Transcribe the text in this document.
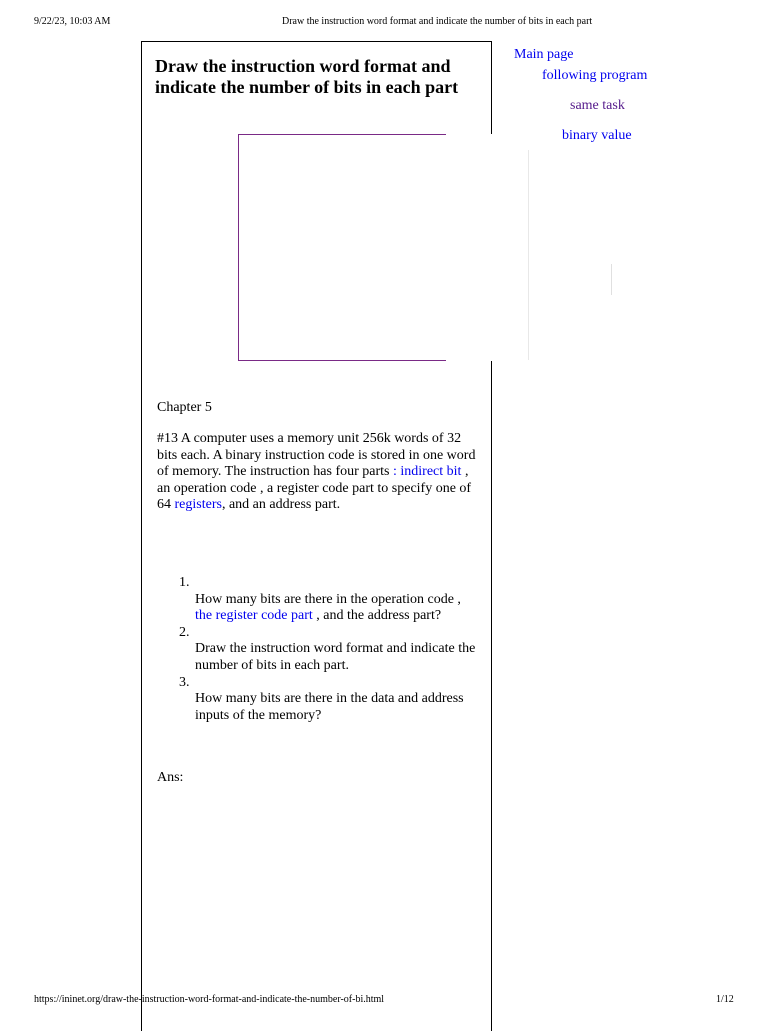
9/22/23, 10:03 AM	Draw the instruction word format and indicate the number of bits in each part
Draw the instruction word format and indicate the number of bits in each part
Chapter 5
#13 A computer uses a memory unit 256k words of 32 bits each. A binary instruction code is stored in one word of memory. The instruction has four parts : indirect bit , an operation code , a register code part to specify one of 64 registers, and an address part.
1.
How many bits are there in the operation code , the register code part , and the address part?
2.
Draw the instruction word format and indicate the number of bits in each part.
3.
How many bits are there in the data and address inputs of the memory?
Ans:
Main page
following program
same task
binary value
https://ininet.org/draw-the-instruction-word-format-and-indicate-the-number-of-bi.html	1/12
